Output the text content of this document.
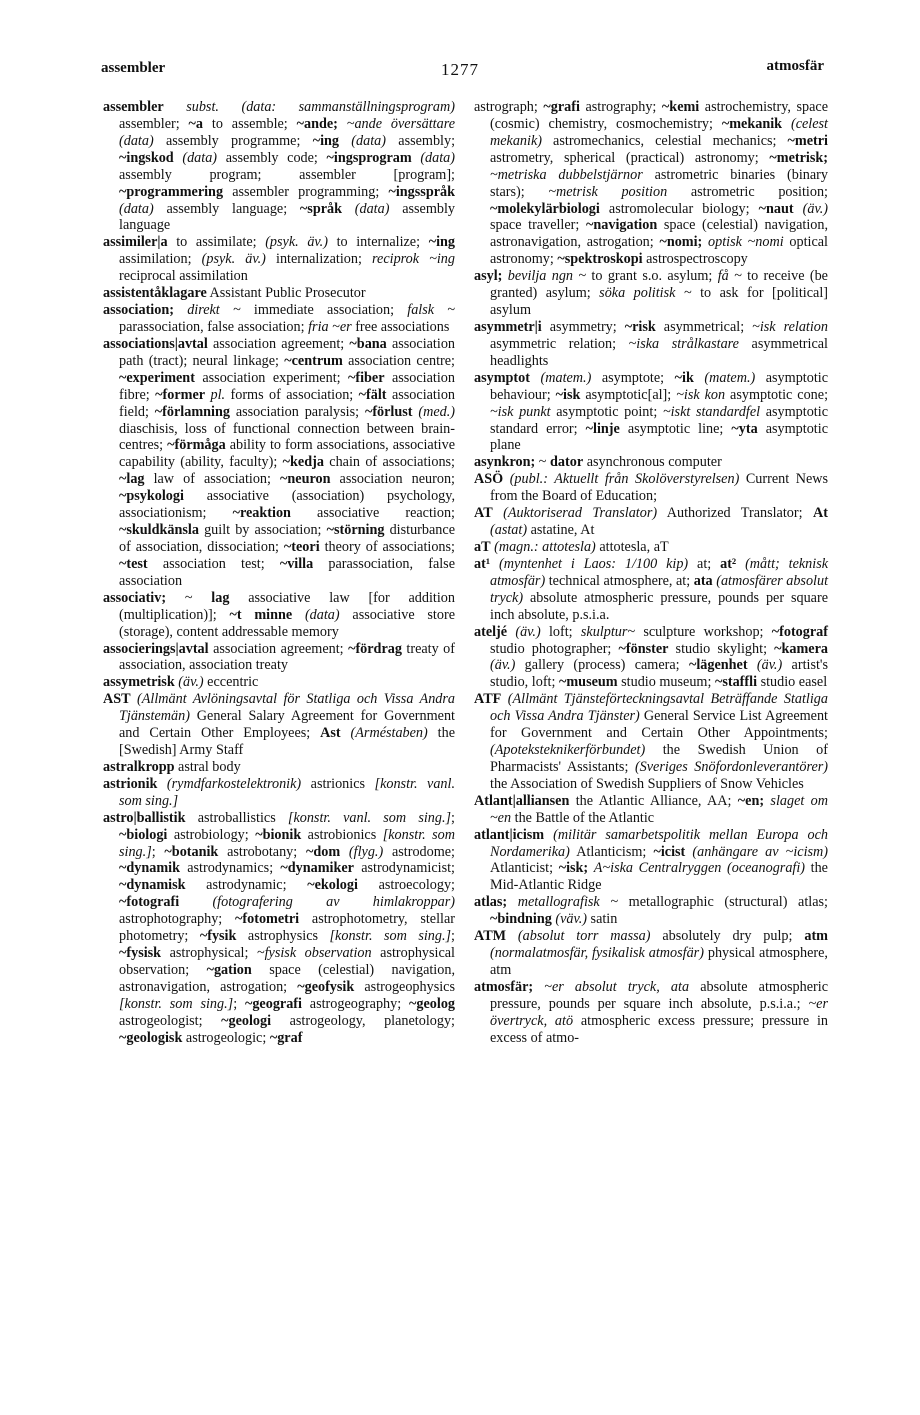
assembler	1277	atmosfär

assembler subst. (data: sammanställningsprogram) assembler; ~a to assemble; ~ande; ~ande översättare (data) assembly programme; ~ing (data) assembly; ~ingskod (data) assembly code; ~ingsprogram (data) assembly program; assembler [program]; ~programmering assembler programming; ~ingsspråk (data) assembly language; ~språk (data) assembly language

assimiler|a to assimilate; (psyk. äv.) to internalize; ~ing assimilation; (psyk. äv.) internalization; reciprok ~ing reciprocal assimilation

assistentåklagare Assistant Public Prosecutor

association; direkt ~ immediate association; falsk ~ parassociation, false association; fria ~er free associations

associations|avtal association agreement; ~bana association path (tract); neural linkage; ~centrum association centre; ~experiment association experiment; ~fiber association fibre; ~former pl. forms of association; ~fält association field; ~förlamning association paralysis; ~förlust (med.) diaschisis, loss of functional connection between brain-centres; ~förmåga ability to form associations, associative capability (ability, faculty); ~kedja chain of associations; ~lag law of association; ~neuron association neuron; ~psykologi associative (association) psychology, associationism; ~reaktion associative reaction; ~skuldkänsla guilt by association; ~störning disturbance of association, dissociation; ~teori theory of associations; ~test association test; ~villa parassociation, false association

associativ; ~ lag associative law [for addition (multiplication)]; ~t minne (data) associative store (storage), content addressable memory

associerings|avtal association agreement; ~fördrag treaty of association, association treaty

assymetrisk (äv.) eccentric

AST (Allmänt Avlöningsavtal för Statliga och Vissa Andra Tjänstemän) General Salary Agreement for Government and Certain Other Employees; Ast (Arméstaben) the [Swedish] Army Staff

astralkropp astral body

astrionik (rymdfarkostelektronik) astrionics [konstr. vanl. som sing.]

astro|ballistik astroballistics [konstr. vanl. som sing.]; ~biologi astrobiology; ~bionik astrobionics [konstr. som sing.]; ~botanik astrobotany; ~dom (flyg.) astrodome; ~dynamik astrodynamics; ~dynamiker astrodynamicist; ~dynamisk astrodynamic; ~ekologi astroecology; ~fotografi (fotografering av himlakroppar) astrophotography; ~fotometri astrophotometry, stellar photometry; ~fysik astrophysics [konstr. som sing.]; ~fysisk astrophysical; ~fysisk observation astrophysical observation; ~gation space (celestial) navigation, astronavigation, astrogation; ~geofysik astrogeophysics [konstr. som sing.]; ~geografi astrogeography; ~geolog astrogeologist; ~geologi astrogeology, planetology; ~geologisk astrogeologic; ~graf

astrograph; ~grafi astrography; ~kemi astrochemistry, space (cosmic) chemistry, cosmochemistry; ~mekanik (celest mekanik) astromechanics, celestial mechanics; ~metri astrometry, spherical (practical) astronomy; ~metrisk; ~metriska dubbelstjärnor astrometric binaries (binary stars); ~metrisk position astrometric position; ~molekylärbiologi astromolecular biology; ~naut (äv.) space traveller; ~navigation space (celestial) navigation, astronavigation, astrogation; ~nomi; optisk ~nomi optical astronomy; ~spektroskopi astrospectroscopy

asyl; bevilja ngn ~ to grant s.o. asylum; få ~ to receive (be granted) asylum; söka politisk ~ to ask for [political] asylum

asymmetr|i asymmetry; ~risk asymmetrical; ~isk relation asymmetric relation; ~iska strålkastare asymmetrical headlights

asymptot (matem.) asymptote; ~ik (matem.) asymptotic behaviour; ~isk asymptotic[al]; ~isk kon asymptotic cone; ~isk punkt asymptotic point; ~iskt standardfel asymptotic standard error; ~linje asymptotic line; ~yta asymptotic plane

asynkron; ~ dator asynchronous computer

ASÖ (publ.: Aktuellt från Skolöverstyrelsen) Current News from the Board of Education;

AT (Auktoriserad Translator) Authorized Translator; At (astat) astatine, At

aT (magn.: attotesla) attotesla, aT

at¹ (myntenhet i Laos: 1/100 kip) at; at² (mått; teknisk atmosfär) technical atmosphere, at; ata (atmosfärer absolut tryck) absolute atmospheric pressure, pounds per square inch absolute, p.s.i.a.

ateljé (äv.) loft; skulptur~ sculpture workshop; ~fotograf studio photographer; ~fönster studio skylight; ~kamera (äv.) gallery (process) camera; ~lägenhet (äv.) artist's studio, loft; ~museum studio museum; ~staffli studio easel

ATF (Allmänt Tjänsteförteckningsavtal Beträffande Statliga och Vissa Andra Tjänster) General Service List Agreement for Government and Certain Other Appointments; (Apoteksteknikerförbundet) the Swedish Union of Pharmacists' Assistants; (Sveriges Snöfordonleverantörer) the Association of Swedish Suppliers of Snow Vehicles

Atlant|alliansen the Atlantic Alliance, AA; ~en; slaget om ~en the Battle of the Atlantic

atlant|icism (militär samarbetspolitik mellan Europa och Nordamerika) Atlanticism; ~icist (anhängare av ~icism) Atlanticist; ~isk; A~iska Centralryggen (oceanografi) the Mid-Atlantic Ridge

atlas; metallografisk ~ metallographic (structural) atlas; ~bindning (väv.) satin

ATM (absolut torr massa) absolutely dry pulp; atm (normalatmosfär, fysikalisk atmosfär) physical atmosphere, atm

atmosfär; ~er absolut tryck, ata absolute atmospheric pressure, pounds per square inch absolute, p.s.i.a.; ~er övertryck, atö atmospheric excess pressure; pressure in excess of atmo-
